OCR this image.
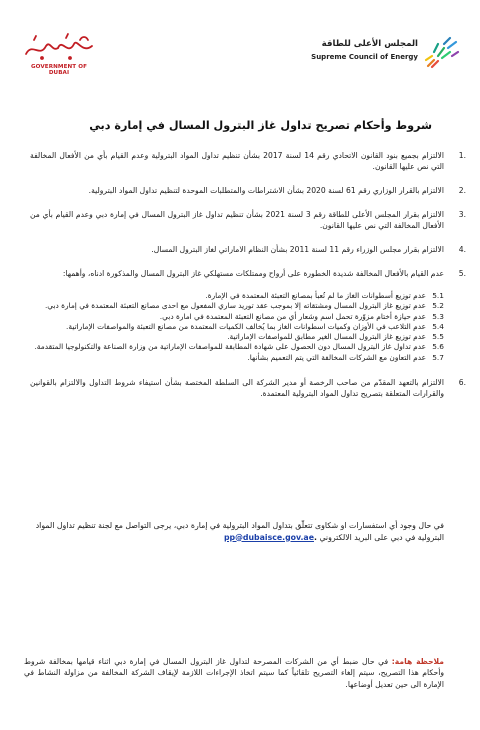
GOVERNMENT OF DUBAI
المجلس الأعلى للطاقة
Supreme Council of Energy
شروط وأحكام تصريح تداول غاز البترول المسال في إمارة دبي
1.
الالتزام بجميع بنود القانون الاتحادي رقم 14 لسنة 2017 بشأن تنظيم تداول المواد البترولية وعدم القيام بأي من الأفعال المخالفة التي نص عليها القانون.
2.
الالتزام بالقرار الوزاري رقم 61 لسنة 2020 بشأن الاشتراطات والمتطلبات الموحدة لتنظيم تداول المواد البترولية.
3.
الالتزام بقرار المجلس الأعلى للطاقة رقم 3 لسنة 2021 بشأن تنظيم تداول غاز البترول المسال في إمارة دبي وعدم القيام بأي من الأفعال المخالفة التي نص عليها القانون.
4.
الالتزام بقرار مجلس الوزراء رقم 11 لسنة 2011 بشأن النظام الاماراتي لغاز البترول المسال.
5.
عدم القيام بالأفعال المخالفة شديدة الخطورة على أرواح وممتلكات مستهلكي غاز البترول المسال والمذكورة ادناه، وأهمها:
5.1
عدم توزيع أسطوانات الغاز ما لم تُعبأ بمصانع التعبئة المعتمدة في الإمارة.
5.2
عدم توزيع غاز البترول المسال ومشتقاته إلا بموجب عقد توريد ساري المفعول مع احدى مصانع التعبئة المعتمدة في إمارة دبي.
5.3
عدم حيازة أختام مزوّرة تحمل اسم وشعار أي من مصانع التعبئة المعتمدة في امارة دبي.
5.4
عدم التلاعب في الأوزان وكميات اسطوانات الغاز بما يُخالف الكميات المعتمدة من مصانع التعبئة والمواصفات الإماراتية.
5.5
عدم توزيع غاز البترول المسال الغير مطابق للمواصفات الإماراتية.
5.6
عدم تداول غاز البترول المسال دون الحصول على شهادة المطابقة للمواصفات الإماراتية من وزارة الصناعة والتكنولوجيا المتقدمة.
5.7
عدم التعاون مع الشركات المخالفة التي يتم التعميم بشأنها.
6.
الالتزام بالتعهد المقدّم من صاحب الرخصة أو مدير الشركة الى السلطة المختصة بشأن استيفاء شروط التداول والالتزام بالقوانين والقرارات المتعلقة بتصريح تداول المواد البترولية المعتمدة.
في حال وجود أي استفسارات او شكاوى تتعلّق بتداول المواد البترولية في إمارة دبي، يرجى التواصل مع لجنة تنظيم تداول المواد البترولية في دبي على البريد الالكتروني .pp@dubaiscе.gov.ae
ملاحظة هامة: في حال ضبط أي من الشركات المصرحة لتداول غاز البترول المسال في إمارة دبي اثناء قيامها بمخالفة شروط وأحكام هذا التصريح، سيتم إلغاء التصريح تلقائياً كما سيتم اتخاذ الإجراءات اللازمة لإيقاف الشركة المخالفة من مزاولة النشاط في الإمارة الى حين تعديل أوضاعها.
